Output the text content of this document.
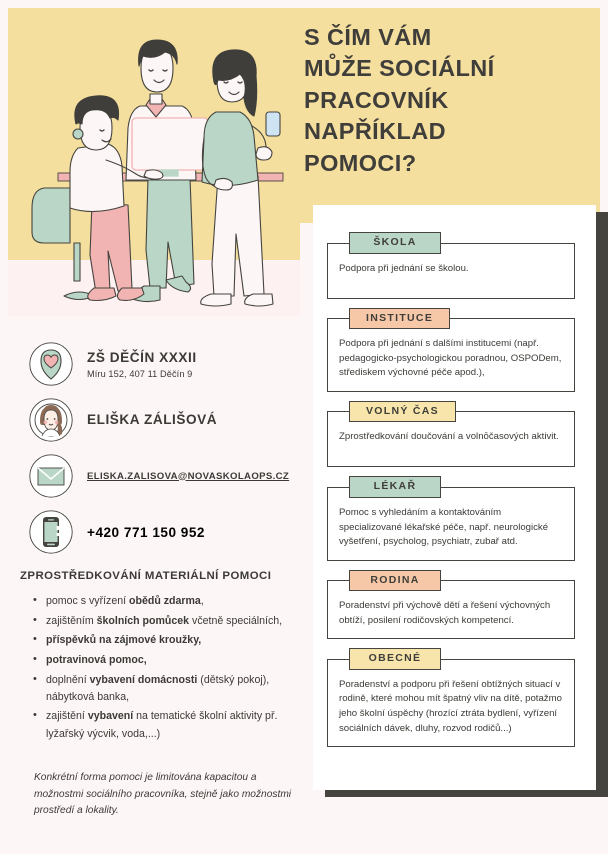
S ČÍM VÁM
MŮŽE SOCIÁLNÍ
PRACOVNÍK
NAPŘÍKLAD
POMOCI?
ŠKOLA

Podpora při jednání se školou.

INSTITUCE

Podpora při jednání s dalšími institucemi (např. pedagogicko-psychologickou poradnou, OSPODem, střediskem výchovné péče apod.),

VOLNÝ ČAS

Zprostředkování doučování a volnōčasových aktivit.

LÉKAŘ

Pomoc s vyhledáním a kontaktováním specializované lékařské péče, např. neurologické vyšetření, psycholog, psychiatr, zubař atd.

RODINA

Poradenství při výchově dětí a řešení výchovných obtíží, posilení rodičovských kompetencí.

OBECNÉ

Poradenství a podporu při řešení obtížných situací v rodině, které mohou mít špatný vliv na dítě, potažmo jeho školní úspěchy (hrozící ztráta bydlení, vyřízení sociálních dávek, dluhy, rozvod rodičů...)

ZŠ DĚČÍN XXXII
Míru 152, 407 11 Děčín 9
ELIŠKA ZÁLIŠOVÁ
ELISKA.ZALISOVA@NOVASKOLAOPS.CZ
+420 771 150 952
ZPROSTŘEDKOVÁNÍ MATERIÁLNÍ POMOCI
• pomoc s vyřízení obědů zdarma,
• zajištěním školních pomůcek včetně speciálních,
• příspěvků na zájmové kroužky,
• potravinová pomoc,
• doplnění vybavení domácnosti (dětský pokoj), nábytková banka,
• zajištění vybavení na tematické školní aktivity př. lyžařský výcvik, voda,...)
Konkrétní forma pomoci je limitována kapacitou a možnostmi sociálního pracovníka, stejně jako možnostmi prostředí a lokality.
